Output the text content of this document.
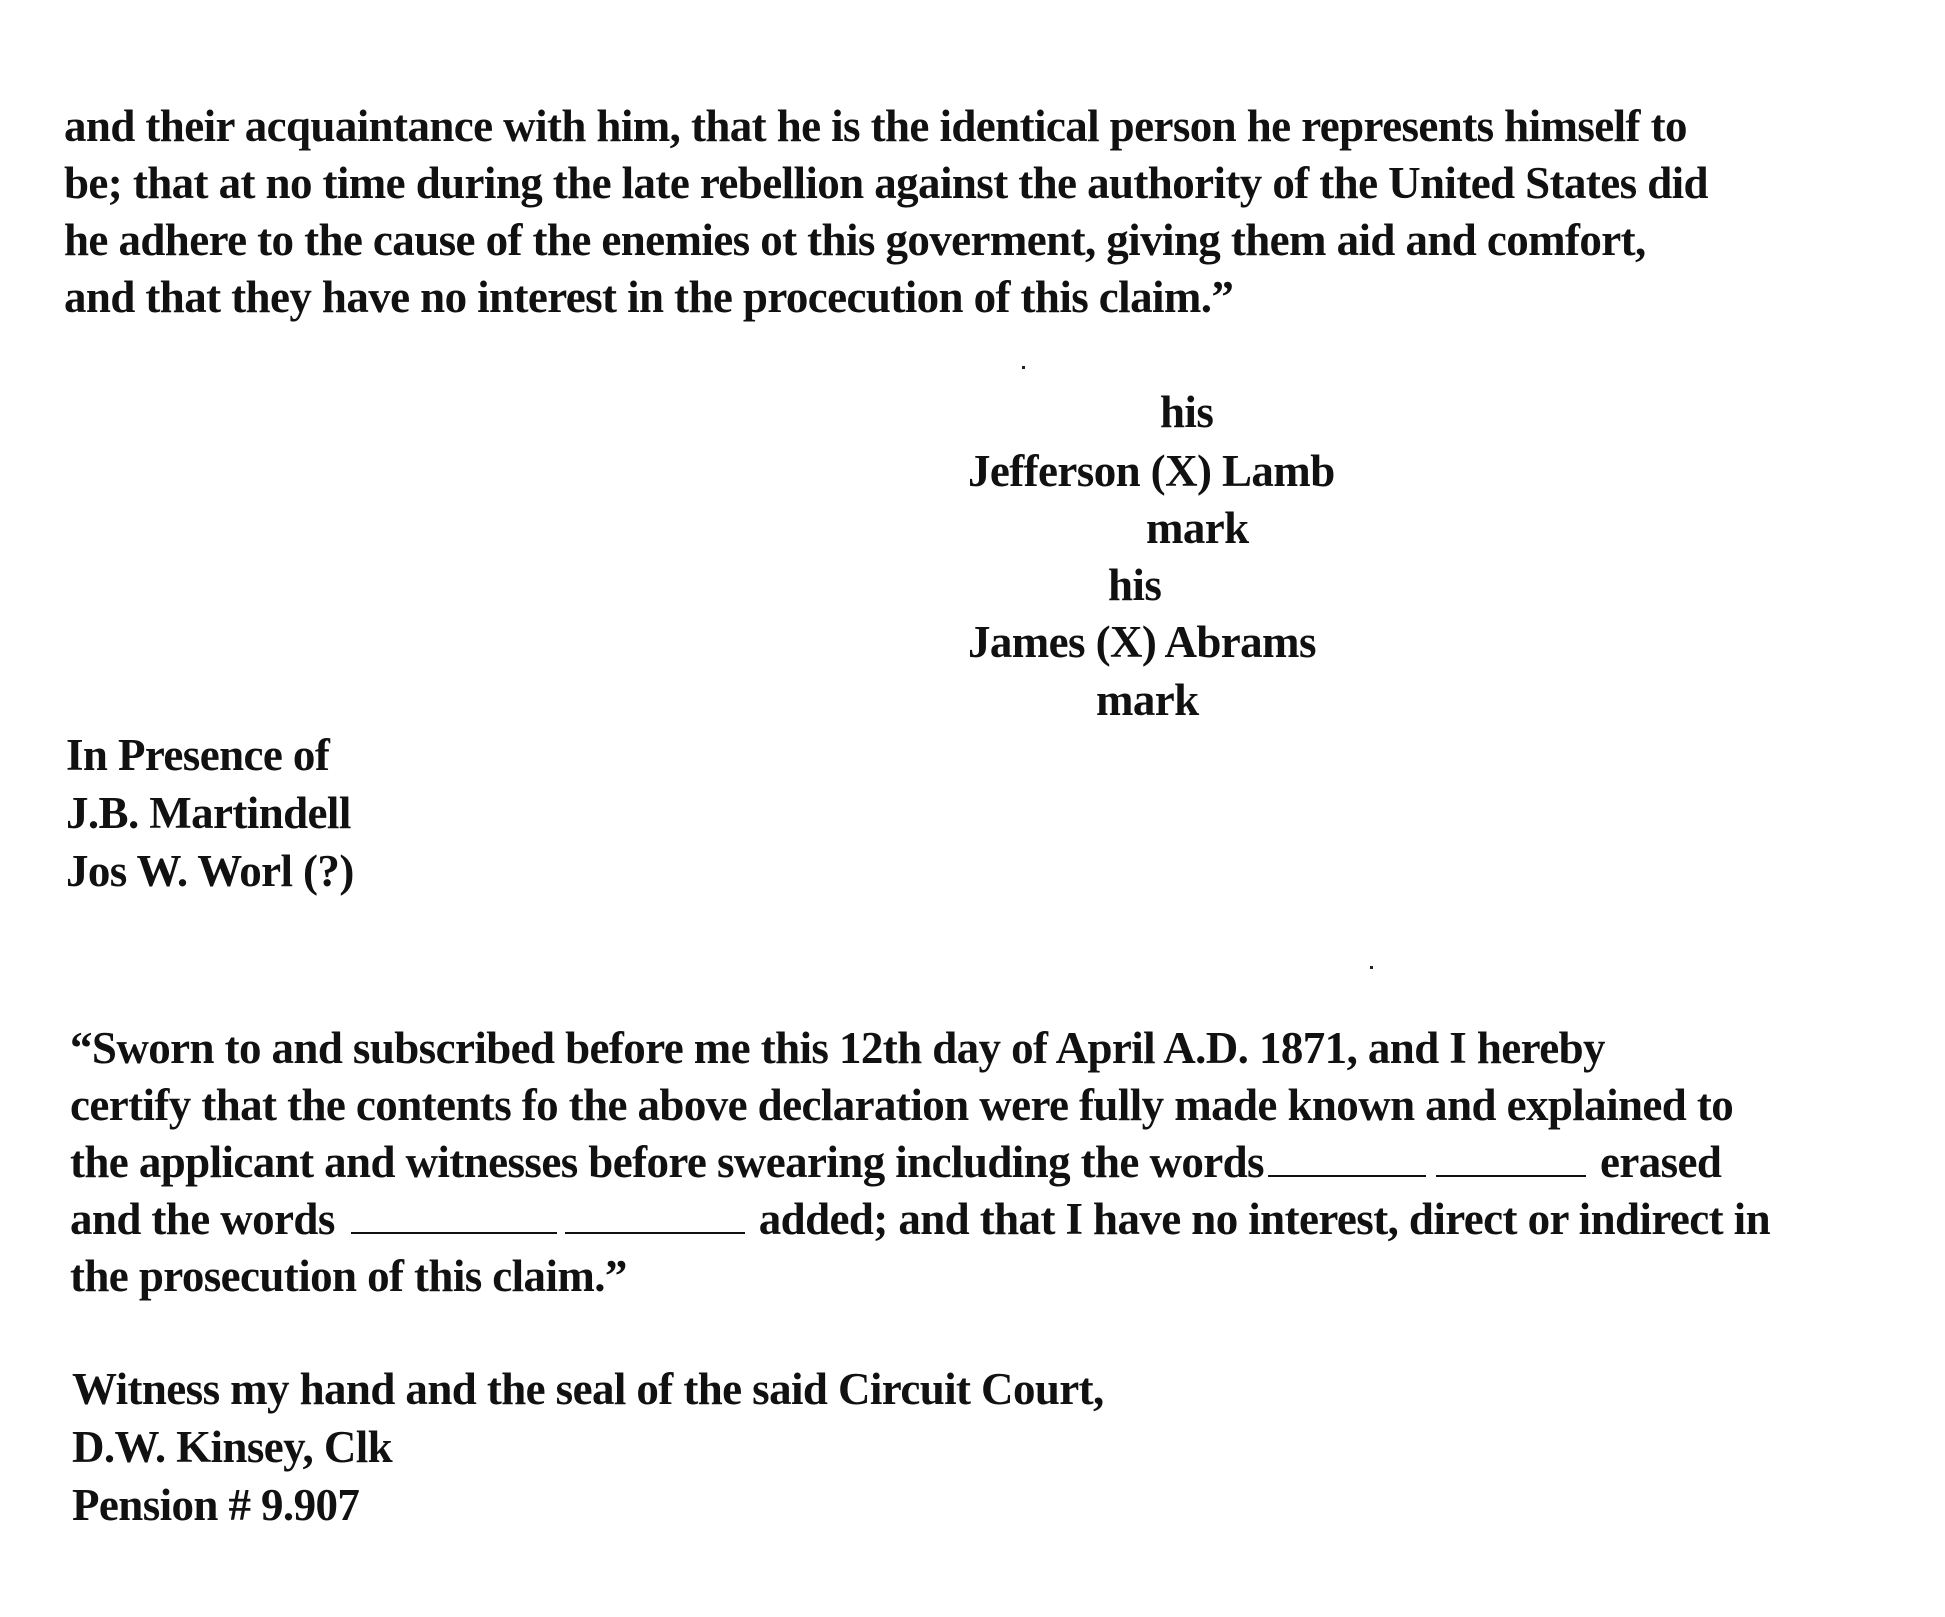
and their acquaintance with him, that he is the identical person he represents himself to
be; that at no time during the late rebellion against the authority of the United States did
he adhere to the cause of the enemies ot this goverment, giving them aid and comfort,
and that they have no interest in the procecution of this claim.”
his
Jefferson (X) Lamb
mark
his
James (X) Abrams
mark
In Presence of
J.B. Martindell
Jos W. Worl (?)
“Sworn to and subscribed before me this 12th day of April A.D. 1871, and I hereby
certify that the contents fo the above declaration were fully made known and explained to
the applicant and witnesses before swearing including the words	erased
and the words	added; and that I have no interest, direct or indirect in
the prosecution of this claim.”
Witness my hand and the seal of the said Circuit Court,
D.W. Kinsey, Clk
Pension # 9.907
